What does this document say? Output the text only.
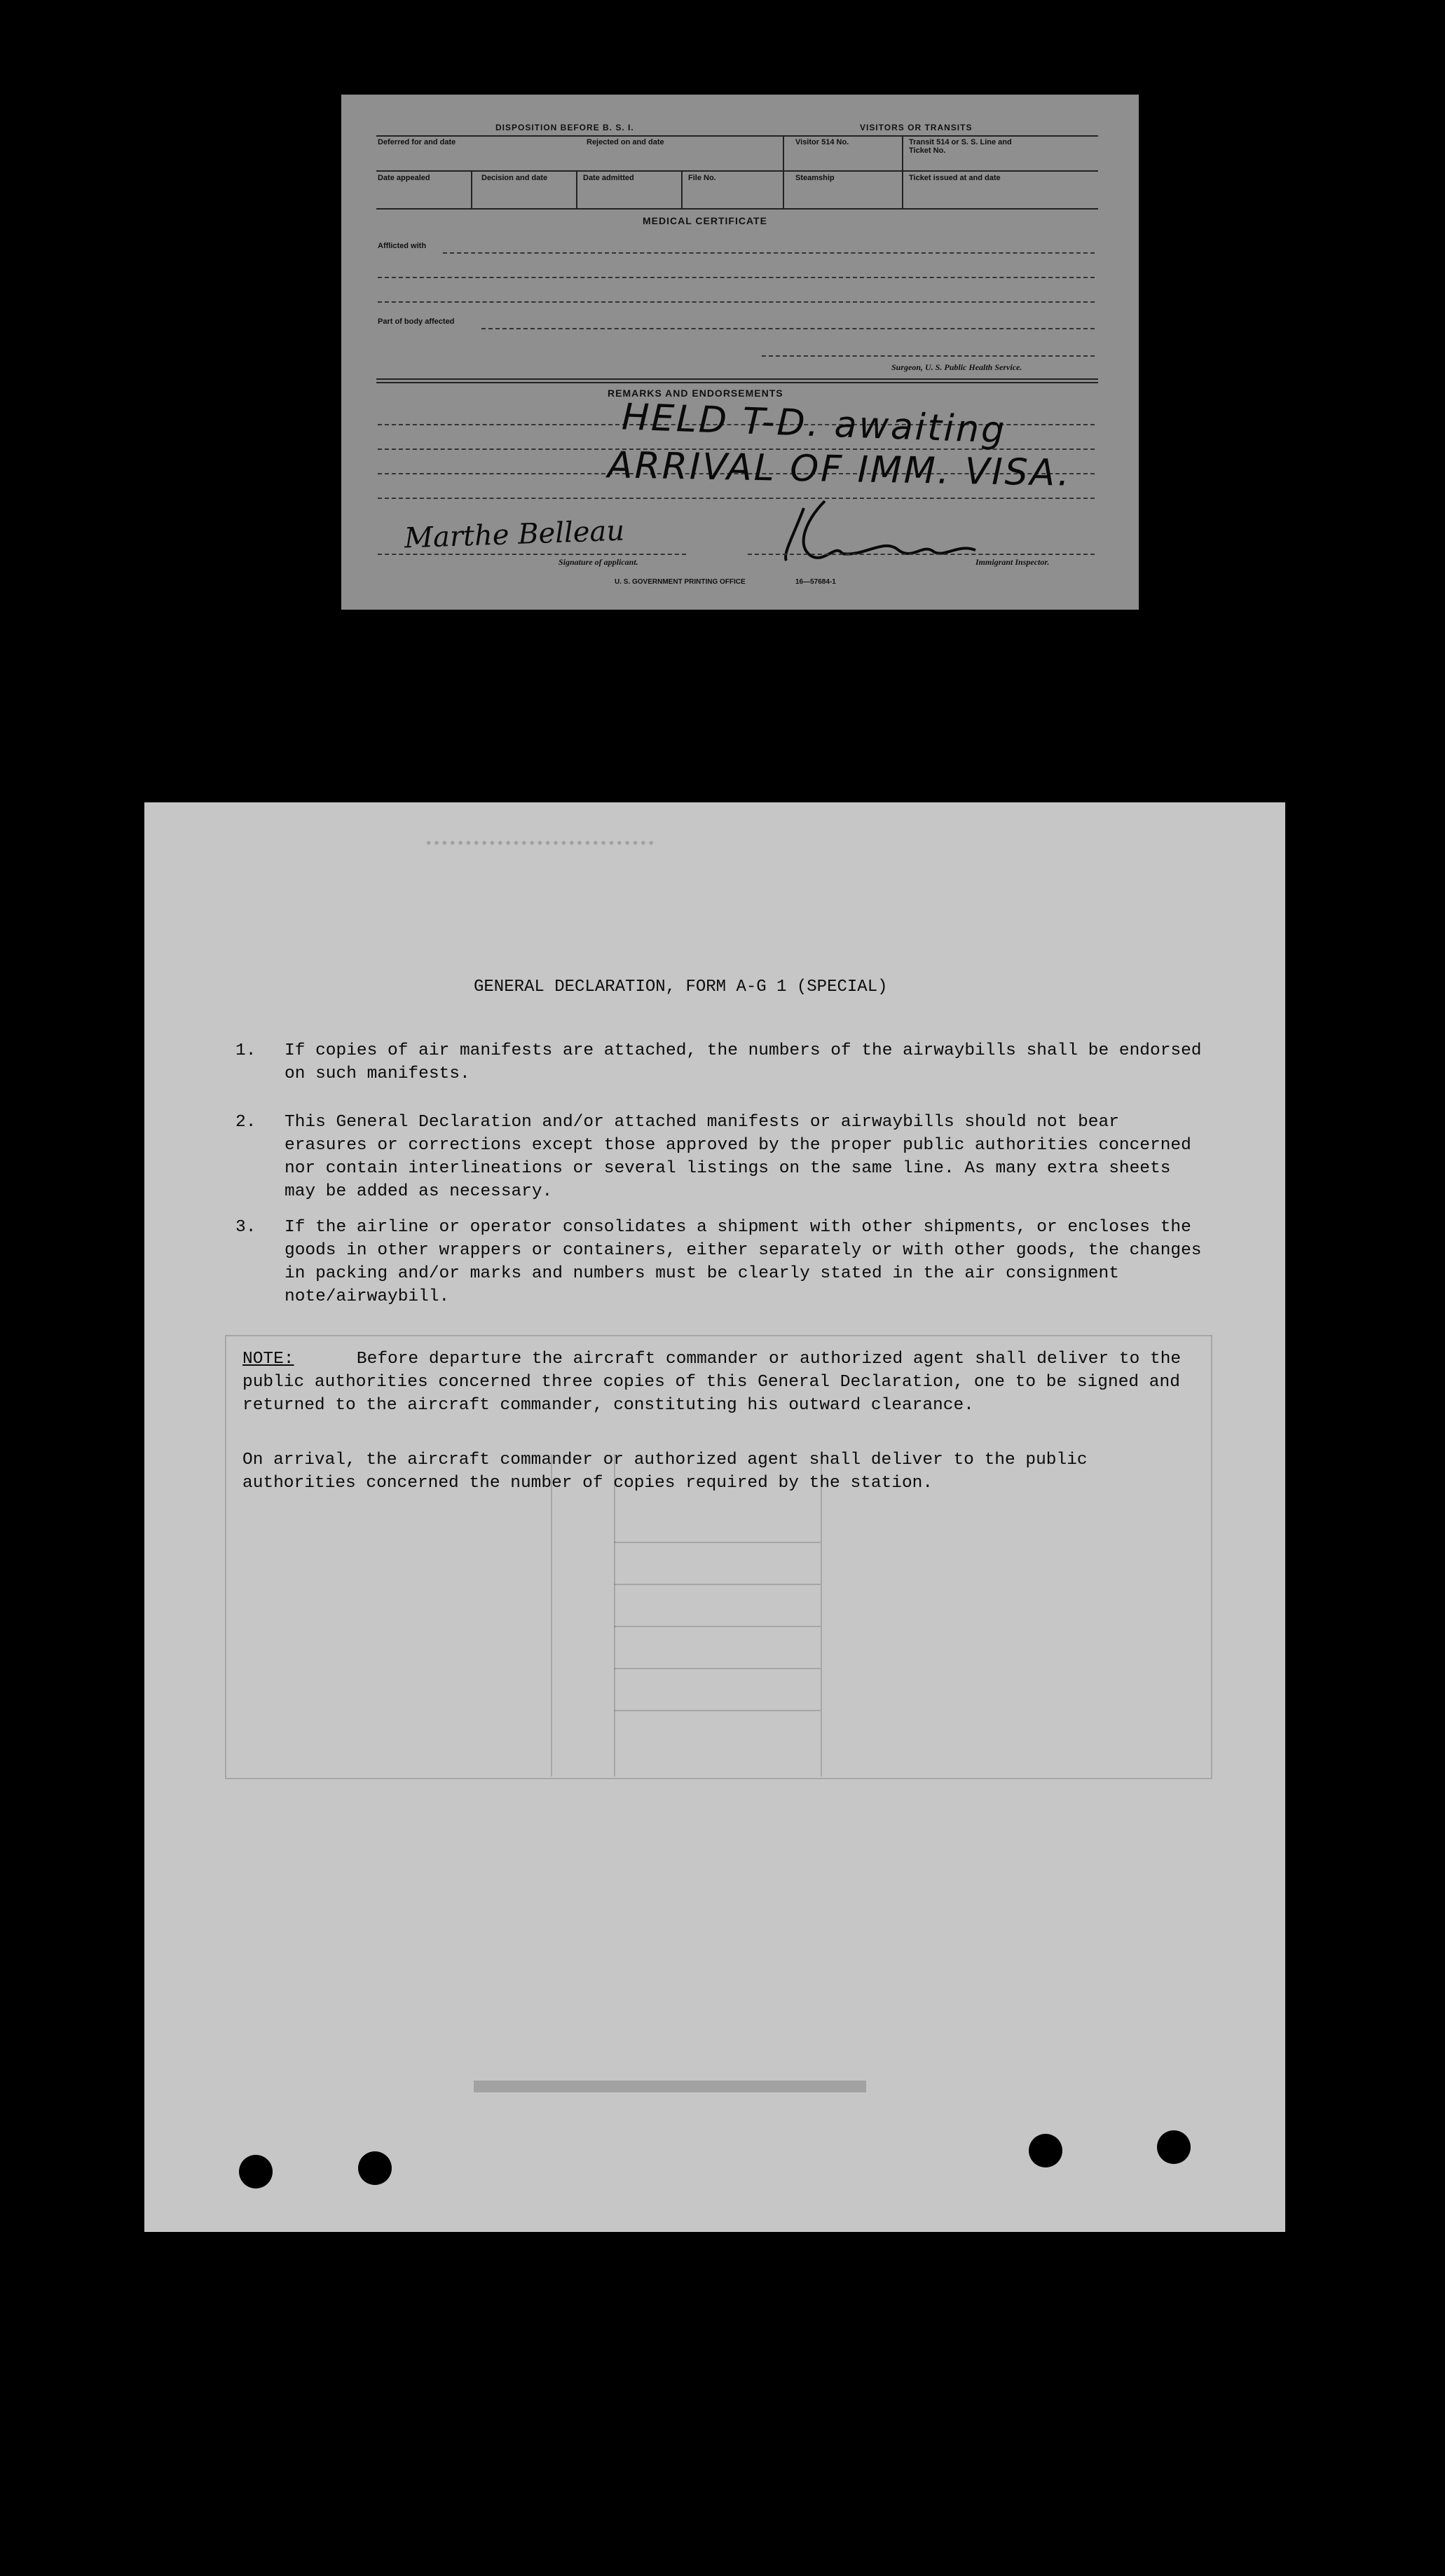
DISPOSITION BEFORE B. S. I.	VISITORS OR TRANSITS
Deferred for and date	Rejected on and date	Visitor 514 No.	Transit 514 or S. S. Line and Ticket No.
Date appealed	Decision and date	Date admitted	File No.	Steamship	Ticket issued at and date
MEDICAL CERTIFICATE
Afflicted with
Part of body affected
Surgeon, U. S. Public Health Service.
REMARKS AND ENDORSEMENTS
HELD T-D. awaiting
ARRIVAL OF IMM. VISA.
Marthe Belleau
Signature of applicant.	Immigrant Inspector.
U. S. GOVERNMENT PRINTING OFFICE	16—57684-1
·····························
▬▬▬▬▬▬▬▬▬▬
GENERAL DECLARATION, FORM A-G 1 (SPECIAL)
1. If copies of air manifests are attached, the numbers of the airwaybills shall be endorsed on such manifests.
2. This General Declaration and/or attached manifests or airwaybills should not bear erasures or corrections except those approved by the proper public authorities concerned nor contain interlineations or several listings on the same line. As many extra sheets may be added as necessary.
3. If the airline or operator consolidates a shipment with other shipments, or encloses the goods in other wrappers or containers, either separately or with other goods, the changes in packing and/or marks and numbers must be clearly stated in the air consignment note/airwaybill.
NOTE:	Before departure the aircraft commander or authorized agent shall deliver to the public authorities concerned three copies of this General Declaration, one to be signed and returned to the aircraft commander, constituting his outward clearance.
On arrival, the aircraft commander or authorized agent shall deliver to the public authorities concerned the number of copies required by the station.
